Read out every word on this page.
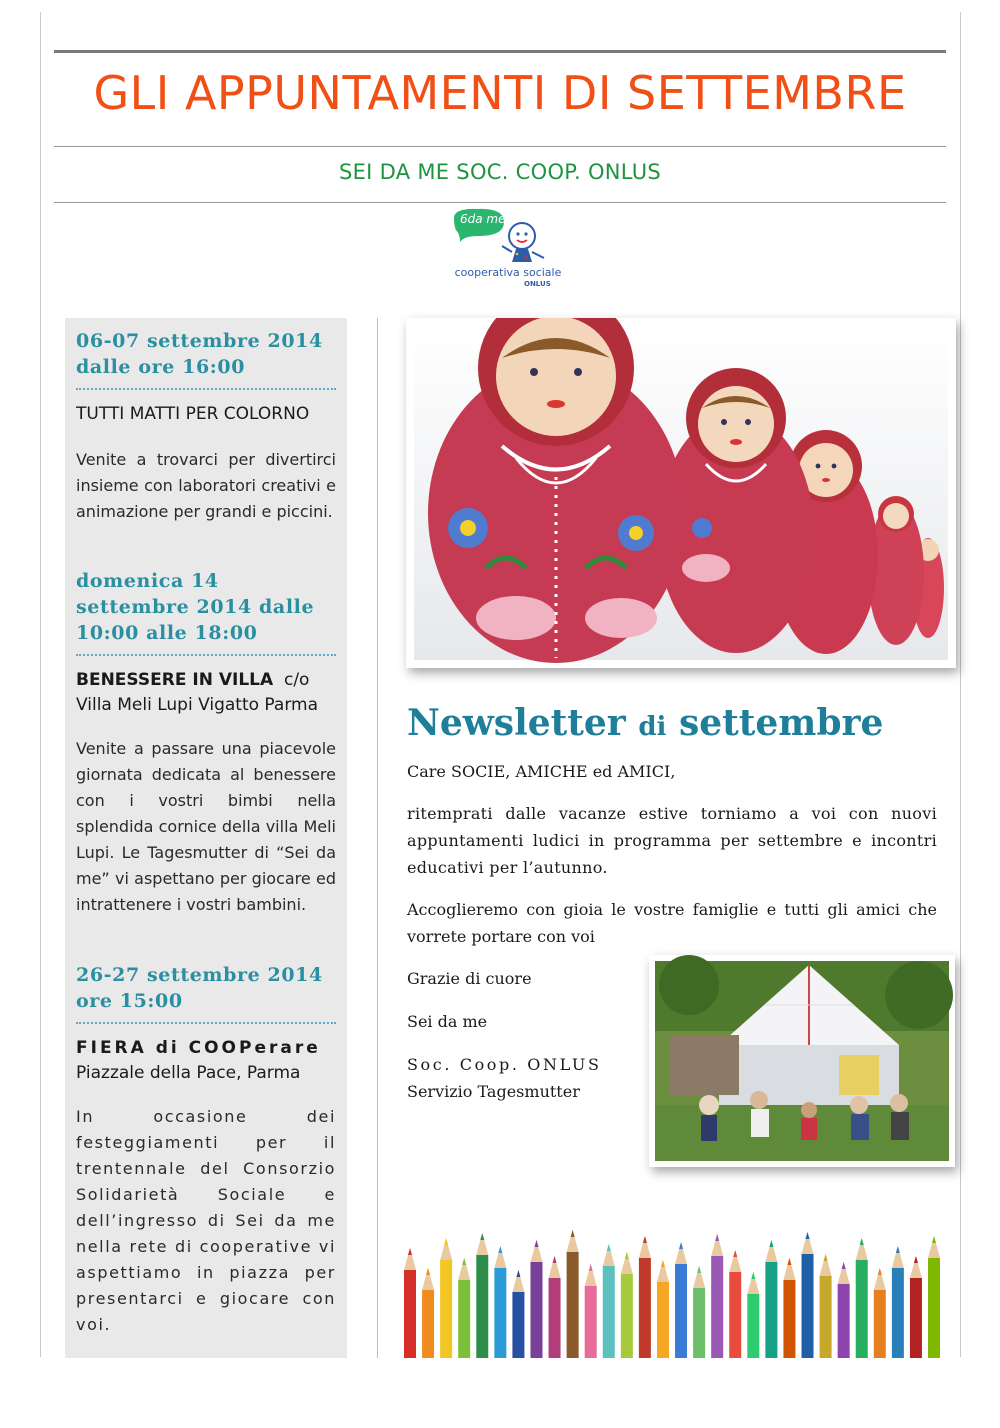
GLI APPUNTAMENTI DI SETTEMBRE
SEI DA ME SOC. COOP. ONLUS
6da me!
cooperativa sociale
ONLUS
06-07 settembre 2014 dalle ore 16:00
TUTTI MATTI PER COLORNO
Venite a trovarci per divertirci insieme con laboratori creativi e animazione per grandi e piccini.
domenica 14 settembre 2014 dalle 10:00 alle 18:00
BENESSERE IN VILLA c/o Villa Meli Lupi Vigatto Parma
Venite a passare una piacevole giornata dedicata al benessere con i vostri bimbi nella splendida cornice della villa Meli Lupi. Le Tagesmutter di “Sei da me” vi aspettano per giocare ed intrattenere i vostri bambini.
26-27 settembre 2014 ore 15:00
FIERA di COOPerare
Piazzale della Pace, Parma
In occasione dei festeggiamenti per il trentennale del Consorzio Solidarietà Sociale e dell’ingresso di Sei da me nella rete di cooperative vi aspettiamo in piazza per presentarci e giocare con voi.
Newsletter di settembre
Care SOCIE, AMICHE ed AMICI,
ritemprati dalle vacanze estive torniamo a voi con nuovi appuntamenti ludici in programma per settembre e incontri educativi per l’autunno.
Accoglieremo con gioia le vostre famiglie e tutti gli amici che vorrete portare con voi
Grazie di cuore
Sei da me
Soc. Coop. ONLUS
Servizio Tagesmutter
